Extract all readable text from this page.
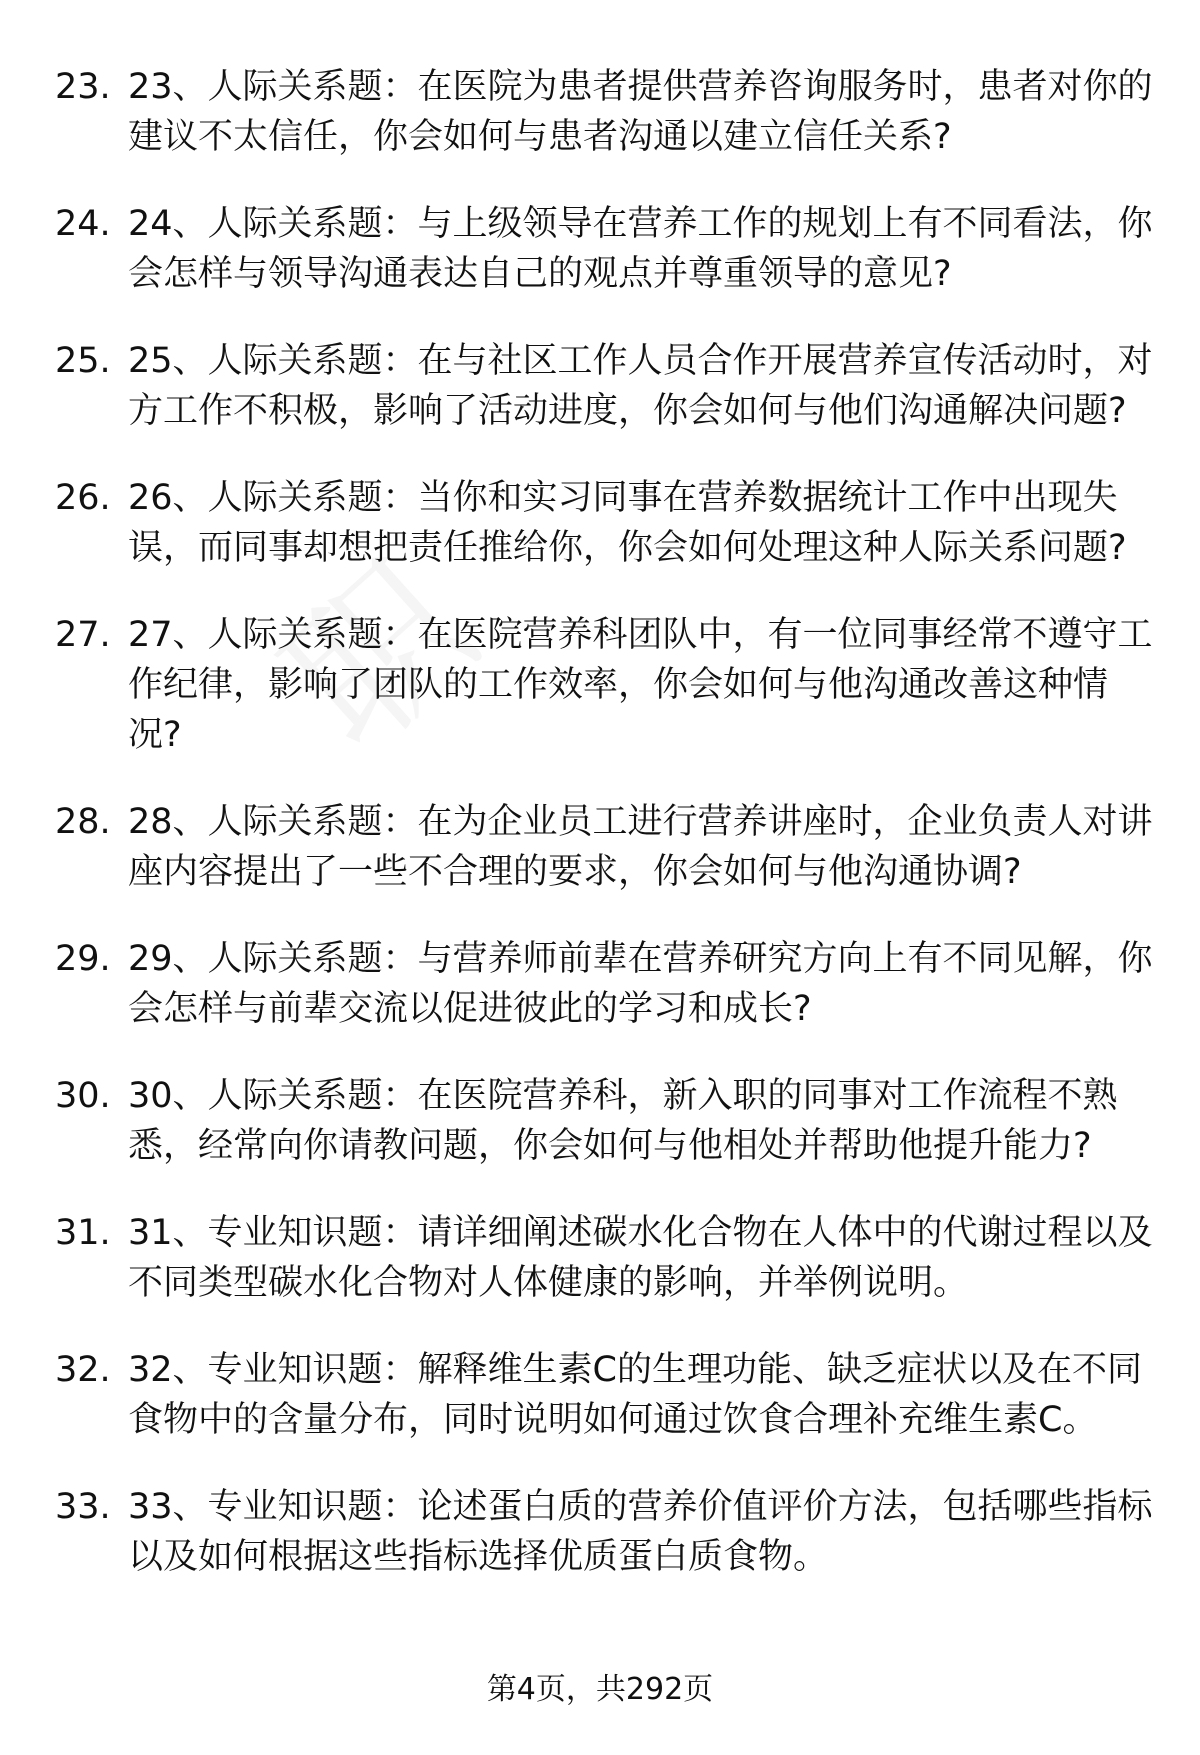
职
23. 23、人际关系题：在医院为患者提供营养咨询服务时，患者对你的建议不太信任，你会如何与患者沟通以建立信任关系?
24. 24、人际关系题：与上级领导在营养工作的规划上有不同看法，你会怎样与领导沟通表达自己的观点并尊重领导的意见?
25. 25、人际关系题：在与社区工作人员合作开展营养宣传活动时，对方工作不积极，影响了活动进度，你会如何与他们沟通解决问题?
26. 26、人际关系题：当你和实习同事在营养数据统计工作中出现失误，而同事却想把责任推给你，你会如何处理这种人际关系问题?
27. 27、人际关系题：在医院营养科团队中，有一位同事经常不遵守工作纪律，影响了团队的工作效率，你会如何与他沟通改善这种情况?
28. 28、人际关系题：在为企业员工进行营养讲座时，企业负责人对讲座内容提出了一些不合理的要求，你会如何与他沟通协调?
29. 29、人际关系题：与营养师前辈在营养研究方向上有不同见解，你会怎样与前辈交流以促进彼此的学习和成长?
30. 30、人际关系题：在医院营养科，新入职的同事对工作流程不熟悉，经常向你请教问题，你会如何与他相处并帮助他提升能力?
31. 31、专业知识题：请详细阐述碳水化合物在人体中的代谢过程以及不同类型碳水化合物对人体健康的影响，并举例说明。
32. 32、专业知识题：解释维生素C的生理功能、缺乏症状以及在不同食物中的含量分布，同时说明如何通过饮食合理补充维生素C。
33. 33、专业知识题：论述蛋白质的营养价值评价方法，包括哪些指标以及如何根据这些指标选择优质蛋白质食物。
第4页，共292页
